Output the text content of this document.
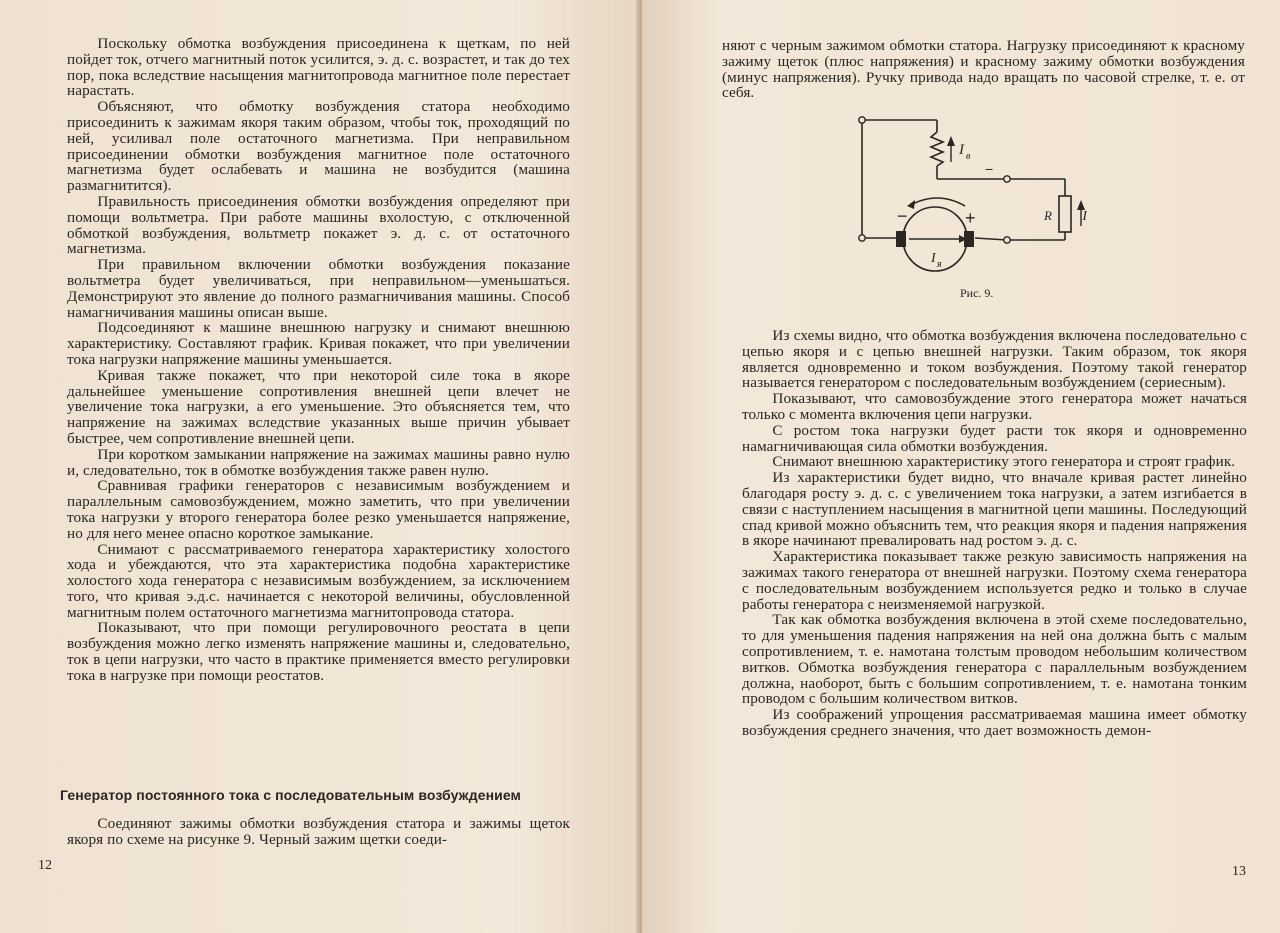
Поскольку обмотка возбуждения присоединена к щеткам, по ней пойдет ток, отчего магнитный поток усилится, э. д. с. возрастет, и так до тех пор, пока вследствие насыщения магнитопровода магнитное поле перестает нарастать.

Объясняют, что обмотку возбуждения статора необходимо присоединить к зажимам якоря таким образом, чтобы ток, проходящий по ней, усиливал поле остаточного магнетизма. При неправильном присоединении обмотки возбуждения магнитное поле остаточного магнетизма будет ослабевать и машина не возбудится (машина размагнитится).

Правильность присоединения обмотки возбуждения определяют при помощи вольтметра. При работе машины вхолостую, с отключенной обмоткой возбуждения, вольтметр покажет э. д. с. от остаточного магнетизма.

При правильном включении обмотки возбуждения показание вольтметра будет увеличиваться, при неправильном—уменьшаться. Демонстрируют это явление до полного размагничивания машины. Способ намагничивания машины описан выше.

Подсоединяют к машине внешнюю нагрузку и снимают внешнюю характеристику. Составляют график. Кривая покажет, что при увеличении тока нагрузки напряжение машины уменьшается.

Кривая также покажет, что при некоторой силе тока в якоре дальнейшее уменьшение сопротивления внешней цепи влечет не увеличение тока нагрузки, а его уменьшение. Это объясняется тем, что напряжение на зажимах вследствие указанных выше причин убывает быстрее, чем сопротивление внешней цепи.

При коротком замыкании напряжение на зажимах машины равно нулю и, следовательно, ток в обмотке возбуждения также равен нулю.

Сравнивая графики генераторов с независимым возбуждением и параллельным самовозбуждением, можно заметить, что при увеличении тока нагрузки у второго генератора более резко уменьшается напряжение, но для него менее опасно короткое замыкание.

Снимают с рассматриваемого генератора характеристику холостого хода и убеждаются, что эта характеристика подобна характеристике холостого хода генератора с независимым возбуждением, за исключением того, что кривая э.д.с. начинается с некоторой величины, обусловленной магнитным полем остаточного магнетизма магнитопровода статора.

Показывают, что при помощи регулировочного реостата в цепи возбуждения можно легко изменять напряжение машины и, следовательно, ток в цепи нагрузки, что часто в практике применяется вместо регулировки тока в нагрузке при помощи реостатов.

Генератор постоянного тока с последовательным возбуждением

Соединяют зажимы обмотки возбуждения статора и зажимы щеток якоря по схеме на рисунке 9. Черный зажим щетки соеди-

12

няют с черным зажимом обмотки статора. Нагрузку присоединяют к красному зажиму щеток (плюс напряжения) и красному зажиму обмотки возбуждения (минус напряжения). Ручку привода надо вращать по часовой стрелке, т. е. от себя.

I в
−
R I
−	+
I я
Рис. 9.

Из схемы видно, что обмотка возбуждения включена последовательно с цепью якоря и с цепью внешней нагрузки. Таким образом, ток якоря является одновременно и током возбуждения. Поэтому такой генератор называется генератором с последовательным возбуждением (сериесным).

Показывают, что самовозбуждение этого генератора может начаться только с момента включения цепи нагрузки.

С ростом тока нагрузки будет расти ток якоря и одновременно намагничивающая сила обмотки возбуждения.

Снимают внешнюю характеристику этого генератора и строят график.

Из характеристики будет видно, что вначале кривая растет линейно благодаря росту э. д. с. с увеличением тока нагрузки, а затем изгибается в связи с наступлением насыщения в магнитной цепи машины. Последующий спад кривой можно объяснить тем, что реакция якоря и падения напряжения в якоре начинают превалировать над ростом э. д. с.

Характеристика показывает также резкую зависимость напряжения на зажимах такого генератора от внешней нагрузки. Поэтому схема генератора с последовательным возбуждением используется редко и только в случае работы генератора с неизменяемой нагрузкой.

Так как обмотка возбуждения включена в этой схеме последовательно, то для уменьшения падения напряжения на ней она должна быть с малым сопротивлением, т. е. намотана толстым проводом небольшим количеством витков. Обмотка возбуждения генератора с параллельным возбуждением должна, наоборот, быть с большим сопротивлением, т. е. намотана тонким проводом с большим количеством витков.

Из соображений упрощения рассматриваемая машина имеет обмотку возбуждения среднего значения, что дает возможность демон-

13
